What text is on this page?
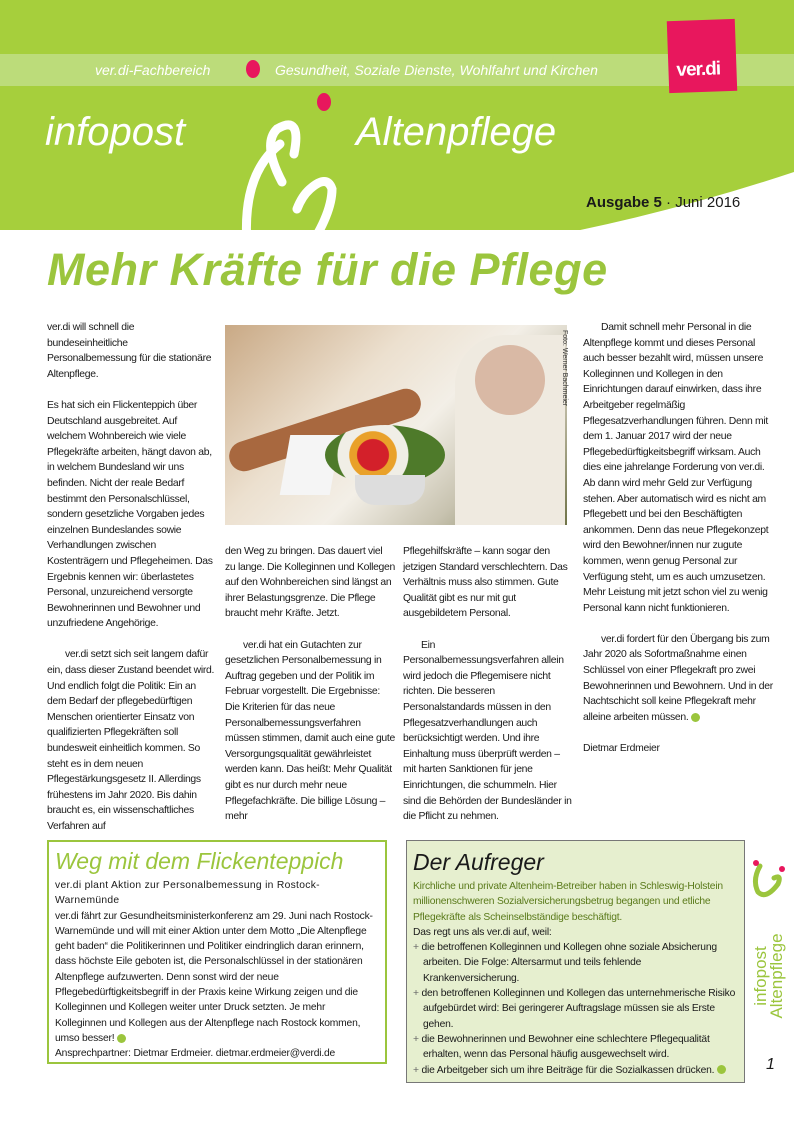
ver.di-Fachbereich	Gesundheit, Soziale Dienste, Wohlfahrt und Kirchen	ver.di
infopost	Altenpflege
Ausgabe 5 · Juni 2016
Mehr Kräfte für die Pflege

ver.di will schnell die bundeseinheitliche Personalbemessung für die stationäre Altenpflege.

Es hat sich ein Flickenteppich über Deutschland ausgebreitet. Auf welchem Wohnbereich wie viele Pflegekräfte arbeiten, hängt davon ab, in welchem Bundesland wir uns befinden. Nicht der reale Bedarf bestimmt den Personalschlüssel, sondern gesetzliche Vorgaben jedes einzelnen Bundeslandes sowie Verhandlungen zwischen Kostenträgern und Pflegeheimen. Das Ergebnis kennen wir: überlastetes Personal, unzureichend versorgte Bewohnerinnen und Bewohner und unzufriedene Angehörige.

ver.di setzt sich seit langem dafür ein, dass dieser Zustand beendet wird. Und endlich folgt die Politik: Ein an dem Bedarf der pflegebedürftigen Menschen orientierter Einsatz von qualifizierten Pflegekräften soll bundesweit einheitlich kommen. So steht es in dem neuen Pflegestärkungsgesetz II. Allerdings frühestens im Jahr 2020. Bis dahin braucht es, ein wissenschaftliches Verfahren auf

Foto: Werner Bachmeier

den Weg zu bringen. Das dauert viel zu lange. Die Kolleginnen und Kollegen auf den Wohnbereichen sind längst an ihrer Belastungsgrenze. Die Pflege braucht mehr Kräfte. Jetzt.

ver.di hat ein Gutachten zur gesetzlichen Personalbemessung in Auftrag gegeben und der Politik im Februar vorgestellt. Die Ergebnisse: Die Kriterien für das neue Personalbemessungsverfahren müssen stimmen, damit auch eine gute Versorgungsqualität gewährleistet werden kann. Das heißt: Mehr Qualität gibt es nur durch mehr neue Pflegefachkräfte. Die billige Lösung – mehr

Pflegehilfskräfte – kann sogar den jetzigen Standard verschlechtern. Das Verhältnis muss also stimmen. Gute Qualität gibt es nur mit gut ausgebildetem Personal.

Ein Personalbemessungsverfahren allein wird jedoch die Pflegemisere nicht richten. Die besseren Personalstandards müssen in den Pflegesatzverhandlungen auch berücksichtigt werden. Und ihre Einhaltung muss überprüft werden – mit harten Sanktionen für jene Einrichtungen, die schummeln. Hier sind die Behörden der Bundesländer in die Pflicht zu nehmen.

Damit schnell mehr Personal in die Altenpflege kommt und dieses Personal auch besser bezahlt wird, müssen unsere Kolleginnen und Kollegen in den Einrichtungen darauf einwirken, dass ihre Arbeitgeber regelmäßig Pflegesatzverhandlungen führen. Denn mit dem 1. Januar 2017 wird der neue Pflegebedürftigkeitsbegriff wirksam. Auch dies eine jahrelange Forderung von ver.di. Ab dann wird mehr Geld zur Verfügung stehen. Aber automatisch wird es nicht am Pflegebett und bei den Beschäftigten ankommen. Denn das neue Pflegekonzept wird den Bewohner/innen nur zugute kommen, wenn genug Personal zur Verfügung steht, um es auch umzusetzen. Mehr Leistung mit jetzt schon viel zu wenig Personal kann nicht funktionieren.

ver.di fordert für den Übergang bis zum Jahr 2020 als Sofortmaßnahme einen Schlüssel von einer Pflegekraft pro zwei Bewohnerinnen und Bewohnern. Und in der Nachtschicht soll keine Pflegekraft mehr alleine arbeiten müssen.

Dietmar Erdmeier

Weg mit dem Flickenteppich
ver.di plant Aktion zur Personalbemessung in Rostock-Warnemünde
ver.di fährt zur Gesundheitsministerkonferenz am 29. Juni nach Rostock-Warnemünde und will mit einer Aktion unter dem Motto „Die Altenpflege geht baden“ die Politikerinnen und Politiker eindringlich daran erinnern, dass höchste Eile geboten ist, die Personalschlüssel in der stationären Altenpflege aufzuwerten. Denn sonst wird der neue Pflegebedürftigkeitsbegriff in der Praxis keine Wirkung zeigen und die Kolleginnen und Kollegen weiter unter Druck setzten. Je mehr Kolleginnen und Kollegen aus der Altenpflege nach Rostock kommen, umso besser!
Ansprechpartner: Dietmar Erdmeier. dietmar.erdmeier@verdi.de
Der Aufreger
Kirchliche und private Altenheim-Betreiber haben in Schleswig-Holstein millionenschweren Sozialversicherungsbetrug begangen und etliche Pflegekräfte als Scheinselbständige beschäftigt.
Das regt uns als ver.di auf, weil:
+ die betroffenen Kolleginnen und Kollegen ohne soziale Absicherung arbeiten. Die Folge: Altersarmut und teils fehlende Krankenversicherung.
+ den betroffenen Kolleginnen und Kollegen das unternehmerische Risiko aufgebürdet wird: Bei geringerer Auftragslage müssen sie als Erste gehen.
+ die Bewohnerinnen und Bewohner eine schlechtere Pflegequalität erhalten, wenn das Personal häufig ausgewechselt wird.
+ die Arbeitgeber sich um ihre Beiträge für die Sozialkassen drücken.
infopost
Altenpflege
1
